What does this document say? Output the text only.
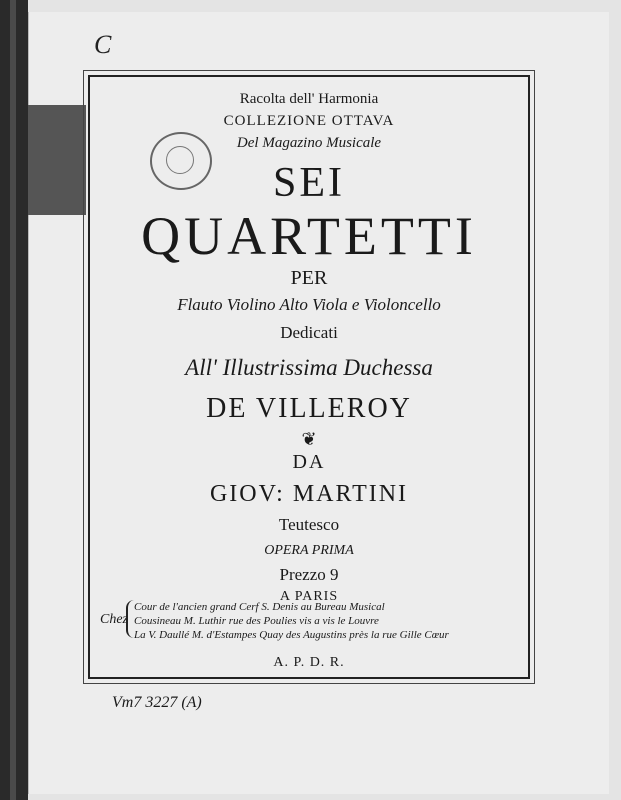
C
Racolta dell' Harmonia
COLLEZIONE OTTAVA
Del Magazino Musicale
SEI
QUARTETTI
PER
Flauto Violino Alto Viola e Violoncello
Dedicati
All' Illustrissima Duchessa
DE VILLEROY
❦
DA
GIOV: MARTINI
Teutesco
OPERA PRIMA
Prezzo 9
A PARIS
A. P. D. R.
Chez
Cour de l'ancien grand Cerf S. Denis au Bureau Musical
Cousineau M. Luthir rue des Poulies vis a vis le Louvre
La V. Daullé M. d'Estampes Quay des Augustins près la rue Gille Cœur
Vm7 3227 (A)
